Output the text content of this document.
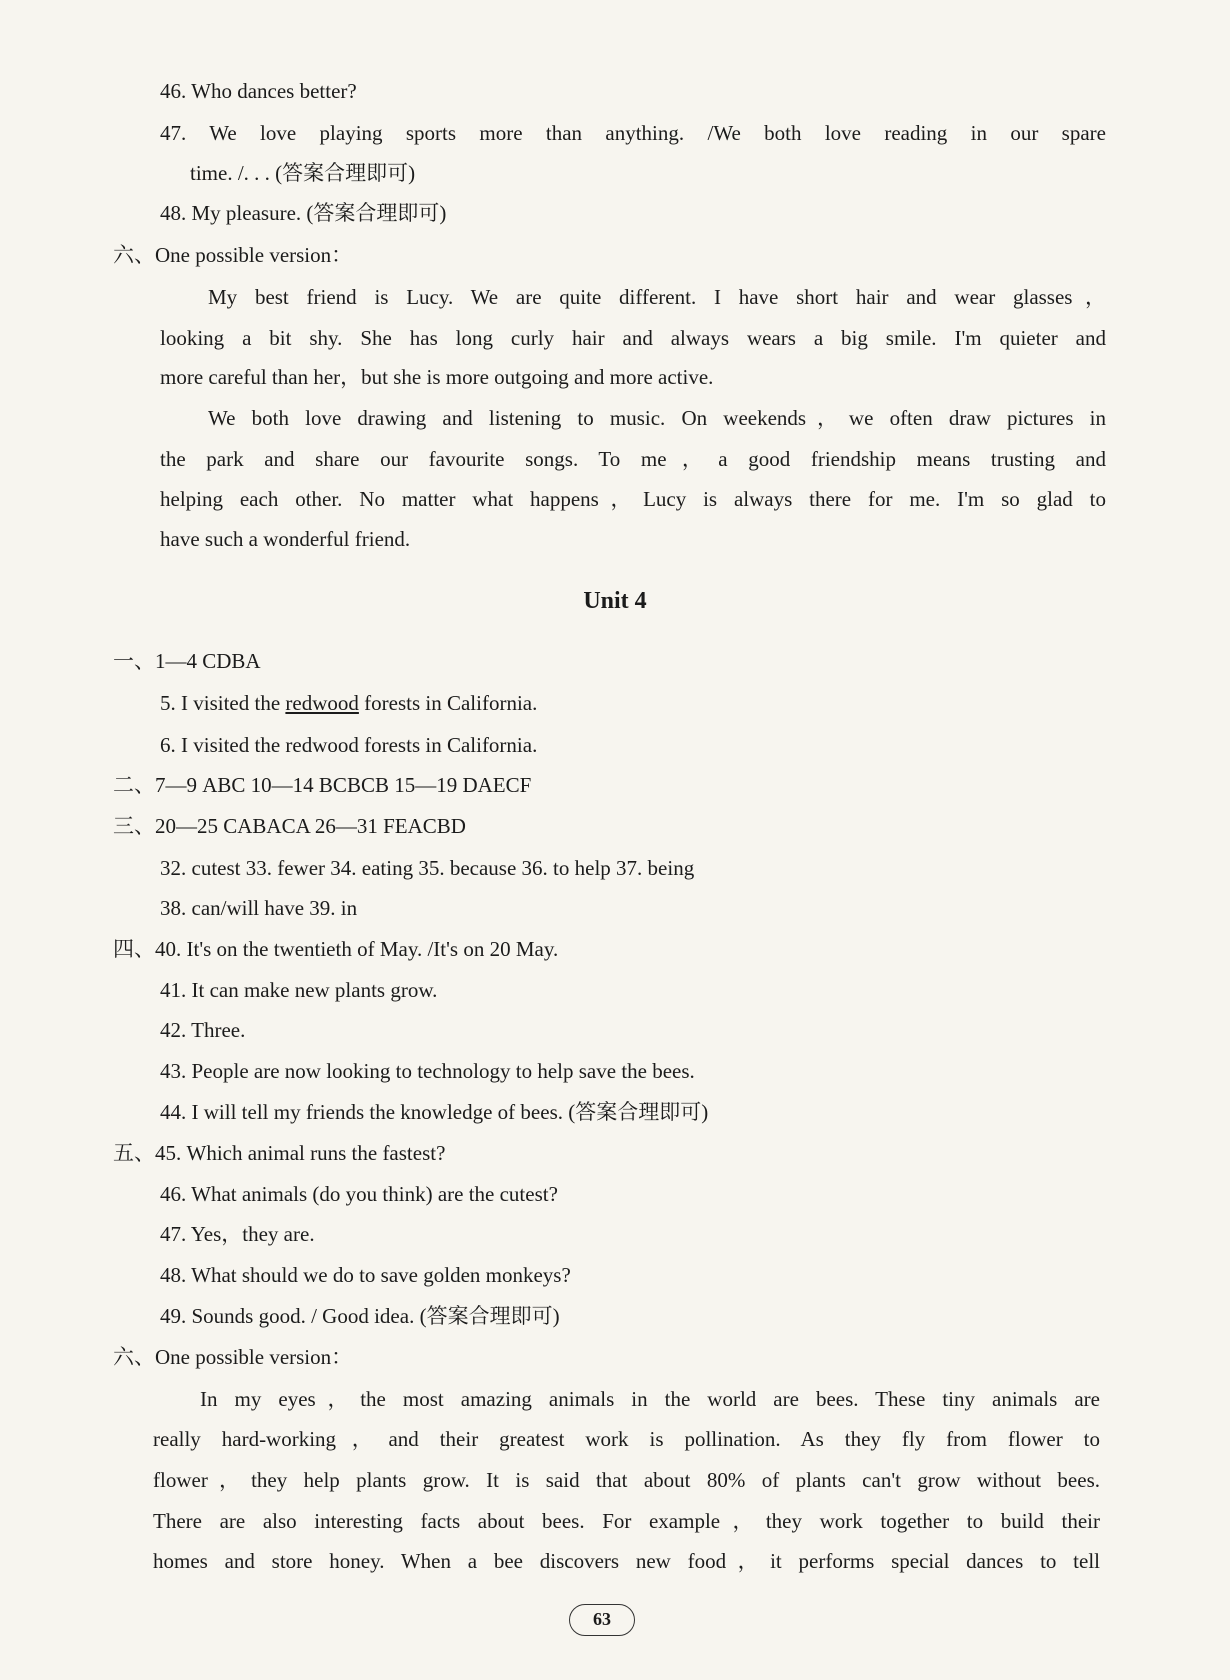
46. Who dances better?
47. We love playing sports more than anything. /We both love reading in our spare
time. /. . . (答案合理即可)
48. My pleasure. (答案合理即可)
六、One possible version：
My best friend is Lucy. We are quite different. I have short hair and wear glasses，
looking a bit shy. She has long curly hair and always wears a big smile. I'm quieter and
more careful than her，but she is more outgoing and more active.
We both love drawing and listening to music. On weekends，we often draw pictures in
the park and share our favourite songs. To me，a good friendship means trusting and
helping each other. No matter what happens，Lucy is always there for me. I'm so glad to
have such a wonderful friend.
Unit 4
一、1—4 CDBA
5. I visited the redwood forests in California.
6. I visited the redwood forests in California.
二、7—9 ABC 10—14 BCBCB 15—19 DAECF
三、20—25 CABACA 26—31 FEACBD
32. cutest 33. fewer 34. eating 35. because 36. to help 37. being
38. can/will have 39. in
四、40. It's on the twentieth of May. /It's on 20 May.
41. It can make new plants grow.
42. Three.
43. People are now looking to technology to help save the bees.
44. I will tell my friends the knowledge of bees. (答案合理即可)
五、45. Which animal runs the fastest?
46. What animals (do you think) are the cutest?
47. Yes，they are.
48. What should we do to save golden monkeys?
49. Sounds good. / Good idea. (答案合理即可)
六、One possible version：
In my eyes，the most amazing animals in the world are bees. These tiny animals are
really hard-working，and their greatest work is pollination. As they fly from flower to
flower，they help plants grow. It is said that about 80% of plants can't grow without bees.
There are also interesting facts about bees. For example，they work together to build their
homes and store honey. When a bee discovers new food，it performs special dances to tell
63
